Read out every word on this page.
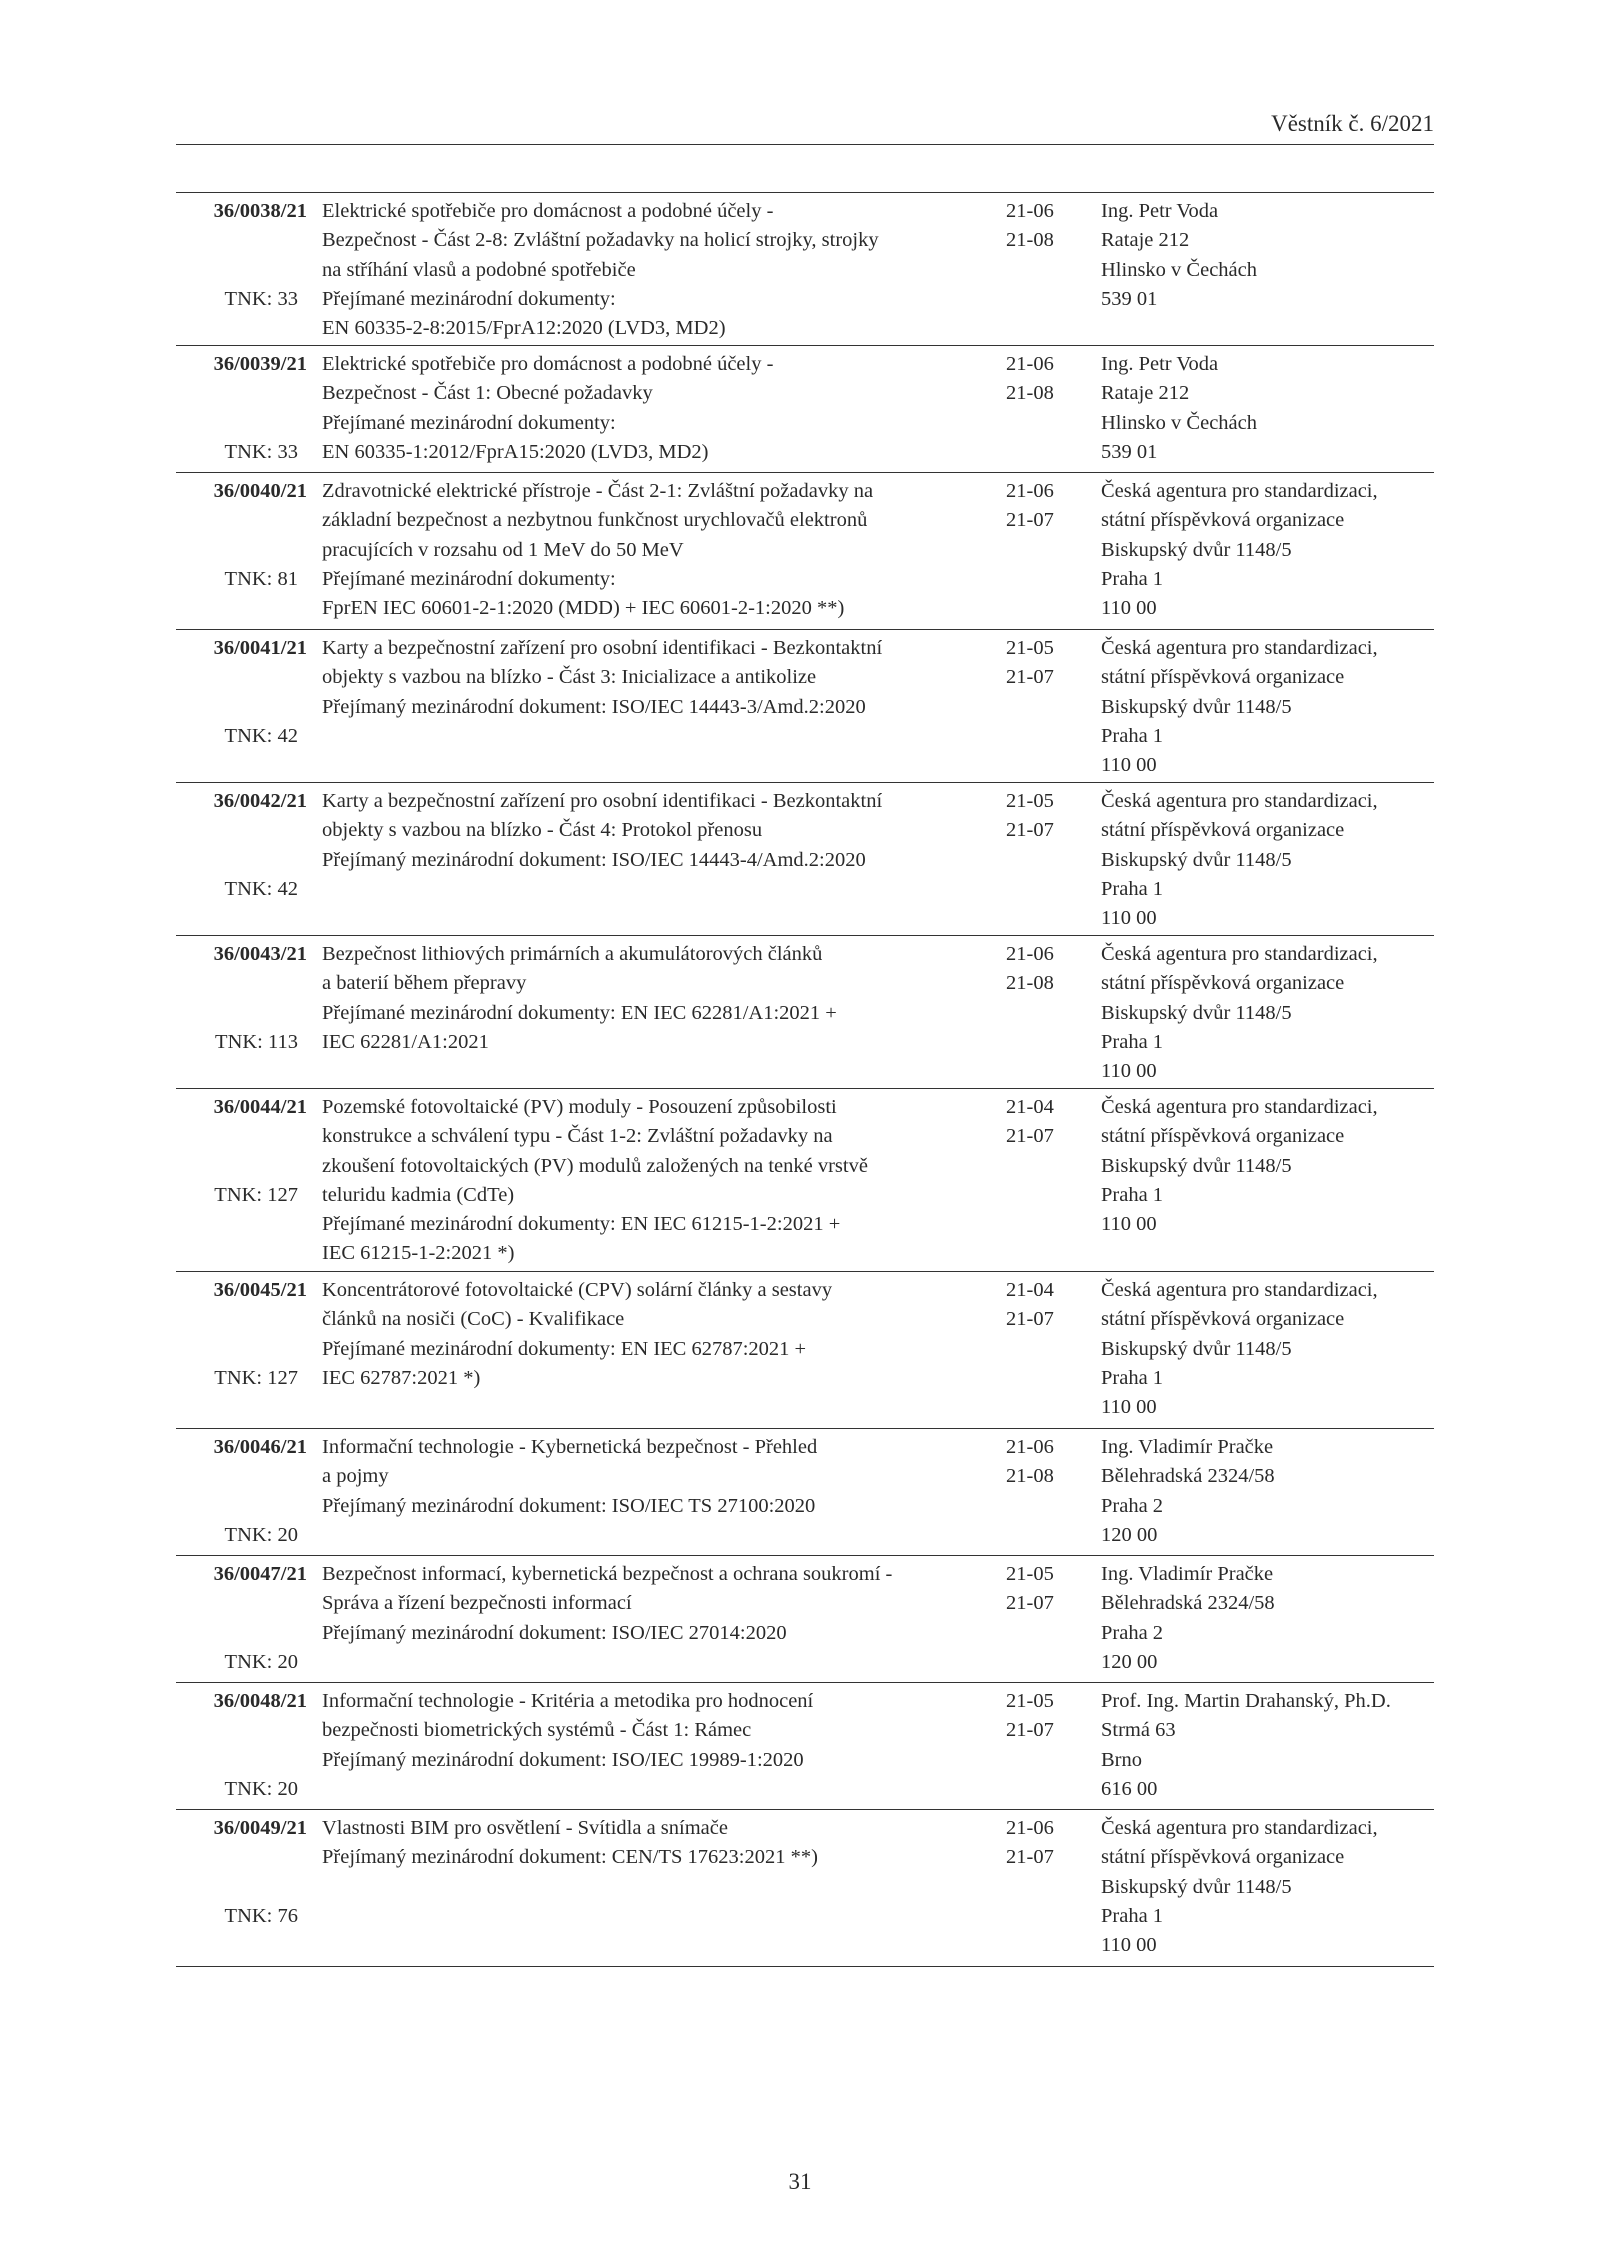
Věstník č. 6/2021
36/0038/21
TNK: 33
Elektrické spotřebiče pro domácnost a podobné účely -
Bezpečnost - Část 2-8: Zvláštní požadavky na holicí strojky, strojky
na stříhání vlasů a podobné spotřebiče
Přejímané mezinárodní dokumenty:
EN 60335-2-8:2015/FprA12:2020 (LVD3, MD2)
21-06
21-08
Ing. Petr Voda
Rataje 212
Hlinsko v Čechách
539 01
36/0039/21
TNK: 33
Elektrické spotřebiče pro domácnost a podobné účely -
Bezpečnost - Část 1: Obecné požadavky
Přejímané mezinárodní dokumenty:
EN 60335-1:2012/FprA15:2020 (LVD3, MD2)
21-06
21-08
Ing. Petr Voda
Rataje 212
Hlinsko v Čechách
539 01
36/0040/21
TNK: 81
Zdravotnické elektrické přístroje - Část 2-1: Zvláštní požadavky na
základní bezpečnost a nezbytnou funkčnost urychlovačů elektronů
pracujících v rozsahu od 1 MeV do 50 MeV
Přejímané mezinárodní dokumenty:
FprEN IEC 60601-2-1:2020 (MDD) + IEC 60601-2-1:2020 **)
21-06
21-07
Česká agentura pro standardizaci,
státní příspěvková organizace
Biskupský dvůr 1148/5
Praha 1
110 00
36/0041/21
TNK: 42
Karty a bezpečnostní zařízení pro osobní identifikaci - Bezkontaktní
objekty s vazbou na blízko - Část 3: Inicializace a antikolize
Přejímaný mezinárodní dokument: ISO/IEC 14443-3/Amd.2:2020
21-05
21-07
Česká agentura pro standardizaci,
státní příspěvková organizace
Biskupský dvůr 1148/5
Praha 1
110 00
36/0042/21
TNK: 42
Karty a bezpečnostní zařízení pro osobní identifikaci - Bezkontaktní
objekty s vazbou na blízko - Část 4: Protokol přenosu
Přejímaný mezinárodní dokument: ISO/IEC 14443-4/Amd.2:2020
21-05
21-07
Česká agentura pro standardizaci,
státní příspěvková organizace
Biskupský dvůr 1148/5
Praha 1
110 00
36/0043/21
TNK: 113
Bezpečnost lithiových primárních a akumulátorových článků
a baterií během přepravy
Přejímané mezinárodní dokumenty: EN IEC 62281/A1:2021 +
IEC 62281/A1:2021
21-06
21-08
Česká agentura pro standardizaci,
státní příspěvková organizace
Biskupský dvůr 1148/5
Praha 1
110 00
36/0044/21
TNK: 127
Pozemské fotovoltaické (PV) moduly - Posouzení způsobilosti
konstrukce a schválení typu - Část 1-2: Zvláštní požadavky na
zkoušení fotovoltaických (PV) modulů založených na tenké vrstvě
teluridu kadmia (CdTe)
Přejímané mezinárodní dokumenty: EN IEC 61215-1-2:2021 +
IEC 61215-1-2:2021 *)
21-04
21-07
Česká agentura pro standardizaci,
státní příspěvková organizace
Biskupský dvůr 1148/5
Praha 1
110 00
36/0045/21
TNK: 127
Koncentrátorové fotovoltaické (CPV) solární články a sestavy
článků na nosiči (CoC) - Kvalifikace
Přejímané mezinárodní dokumenty: EN IEC 62787:2021 +
IEC 62787:2021 *)
21-04
21-07
Česká agentura pro standardizaci,
státní příspěvková organizace
Biskupský dvůr 1148/5
Praha 1
110 00
36/0046/21
TNK: 20
Informační technologie - Kybernetická bezpečnost - Přehled
a pojmy
Přejímaný mezinárodní dokument: ISO/IEC TS 27100:2020
21-06
21-08
Ing. Vladimír Pračke
Bělehradská 2324/58
Praha 2
120 00
36/0047/21
TNK: 20
Bezpečnost informací, kybernetická bezpečnost a ochrana soukromí -
Správa a řízení bezpečnosti informací
Přejímaný mezinárodní dokument: ISO/IEC 27014:2020
21-05
21-07
Ing. Vladimír Pračke
Bělehradská 2324/58
Praha 2
120 00
36/0048/21
TNK: 20
Informační technologie - Kritéria a metodika pro hodnocení
bezpečnosti biometrických systémů - Část 1: Rámec
Přejímaný mezinárodní dokument: ISO/IEC 19989-1:2020
21-05
21-07
Prof. Ing. Martin Drahanský, Ph.D.
Strmá 63
Brno
616 00
36/0049/21
TNK: 76
Vlastnosti BIM pro osvětlení - Svítidla a snímače
Přejímaný mezinárodní dokument: CEN/TS 17623:2021 **)
21-06
21-07
Česká agentura pro standardizaci,
státní příspěvková organizace
Biskupský dvůr 1148/5
Praha 1
110 00
31
